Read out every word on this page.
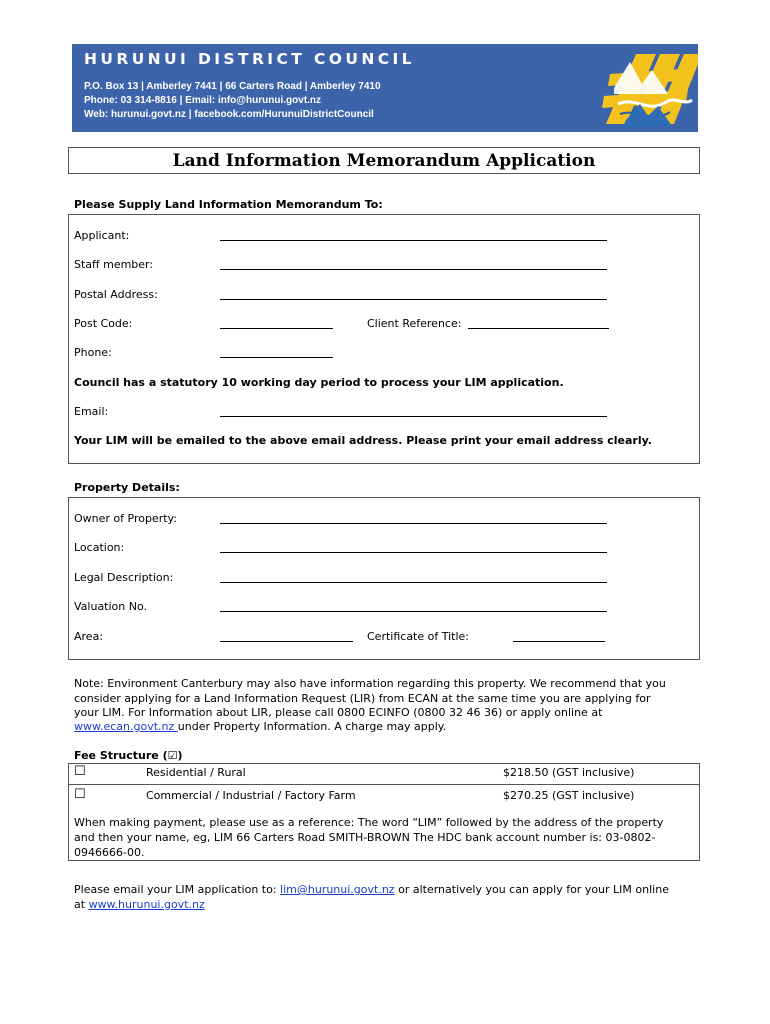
HURUNUI DISTRICT COUNCIL
P.O. Box 13 | Amberley 7441 | 66 Carters Road | Amberley 7410
Phone: 03 314-8816 | Email: info@hurunui.govt.nz
Web: hurunui.govt.nz | facebook.com/HurunuiDistrictCouncil
Land Information Memorandum Application
Please Supply Land Information Memorandum To:
Applicant:
Staff member:
Postal Address:
Post Code:	Client Reference:
Phone:
Council has a statutory 10 working day period to process your LIM application.
Email:
Your LIM will be emailed to the above email address. Please print your email address clearly.
Property Details:
Owner of Property:
Location:
Legal Description:
Valuation No.
Area:	Certificate of Title:
Note: Environment Canterbury may also have information regarding this property. We recommend that you
consider applying for a Land Information Request (LIR) from ECAN at the same time you are applying for
your LIM. For Information about LIR, please call 0800 ECINFO (0800 32 46 36) or apply online at
www.ecan.govt.nz under Property Information. A charge may apply.
Fee Structure (☑)
☐	Residential / Rural	$218.50 (GST inclusive)
☐	Commercial / Industrial / Factory Farm	$270.25 (GST inclusive)
When making payment, please use as a reference: The word “LIM” followed by the address of the property
and then your name, eg, LIM 66 Carters Road SMITH-BROWN The HDC bank account number is: 03-0802-
0946666-00.
Please email your LIM application to: lim@hurunui.govt.nz or alternatively you can apply for your LIM online
at www.hurunui.govt.nz
